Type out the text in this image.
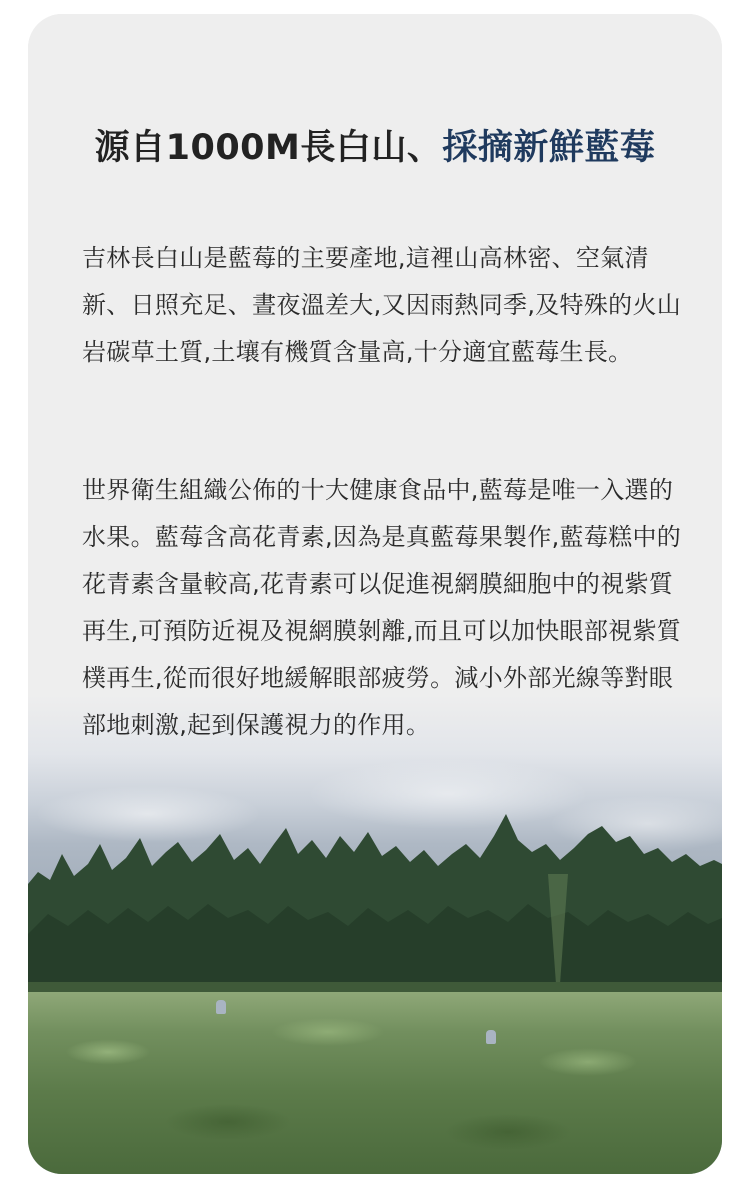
源自1000M長白山、採摘新鮮藍莓

吉林長白山是藍莓的主要產地,這裡山高林密、空氣清新、日照充足、晝夜溫差大,又因雨熱同季,及特殊的火山岩碳草土質,土壤有機質含量高,十分適宜藍莓生長。

世界衛生組織公佈的十大健康食品中,藍莓是唯一入選的水果。藍莓含高花青素,因為是真藍莓果製作,藍莓糕中的花青素含量較高,花青素可以促進視網膜細胞中的視紫質再生,可預防近視及視網膜剝離,而且可以加快眼部視紫質樸再生,從而很好地緩解眼部疲勞。減小外部光線等對眼部地刺激,起到保護視力的作用。
